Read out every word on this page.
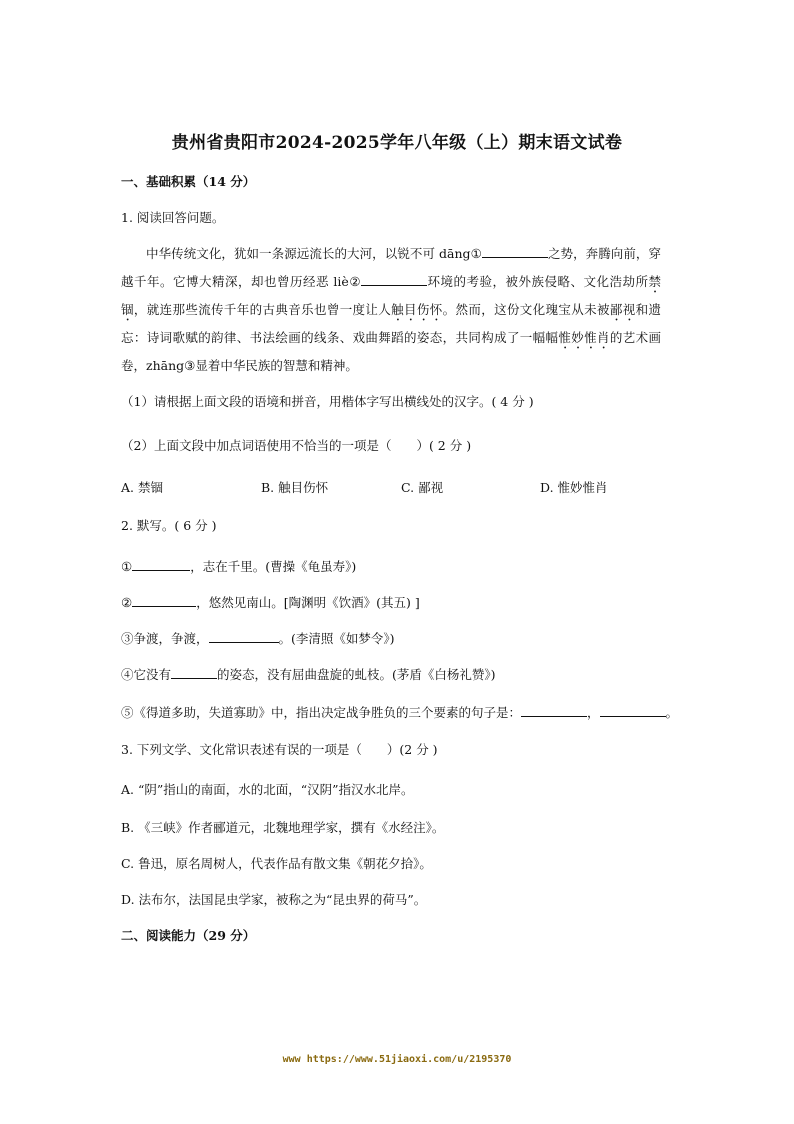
贵州省贵阳市2024-2025学年八年级（上）期末语文试卷
一、基础积累（14 分）
1. 阅读回答问题。
中华传统文化，犹如一条源远流长的大河，以锐不可 dāng①	之势，奔腾向前，穿越千年。它博大精深，却也曾历经恶 liè②	环境的考验，被外族侵略、文化浩劫所禁锢，就连那些流传千年的古典音乐也曾一度让人触目伤怀。然而，这份文化瑰宝从未被鄙视和遗忘：诗词歌赋的韵律、书法绘画的线条、戏曲舞蹈的姿态，共同构成了一幅幅惟妙惟肖的艺术画卷，zhāng③显着中华民族的智慧和精神。
（1）请根据上面文段的语境和拼音，用楷体字写出横线处的汉字。( 4 分 )
（2）上面文段中加点词语使用不恰当的一项是（　　）( 2 分 )
A. 禁锢	B. 触目伤怀	C. 鄙视	D. 惟妙惟肖
2. 默写。( 6 分 )
①	，志在千里。(曹操《龟虽寿》)
②	，悠然见南山。[陶渊明《饮酒》(其五) ]
③争渡，争渡，	。(李清照《如梦令》)
④它没有	的姿态，没有屈曲盘旋的虬枝。(茅盾《白杨礼赞》)
⑤《得道多助，失道寡助》中，指出决定战争胜负的三个要素的句子是：	，	。
3. 下列文学、文化常识表述有误的一项是（　　）(2 分 )
A. “阴”指山的南面，水的北面，“汉阴”指汉水北岸。
B. 《三峡》作者郦道元，北魏地理学家，撰有《水经注》。
C. 鲁迅，原名周树人，代表作品有散文集《朝花夕拾》。
D. 法布尔，法国昆虫学家，被称之为“昆虫界的荷马”。
二、阅读能力（29 分）
www https://www.51jiaoxi.com/u/2195370
